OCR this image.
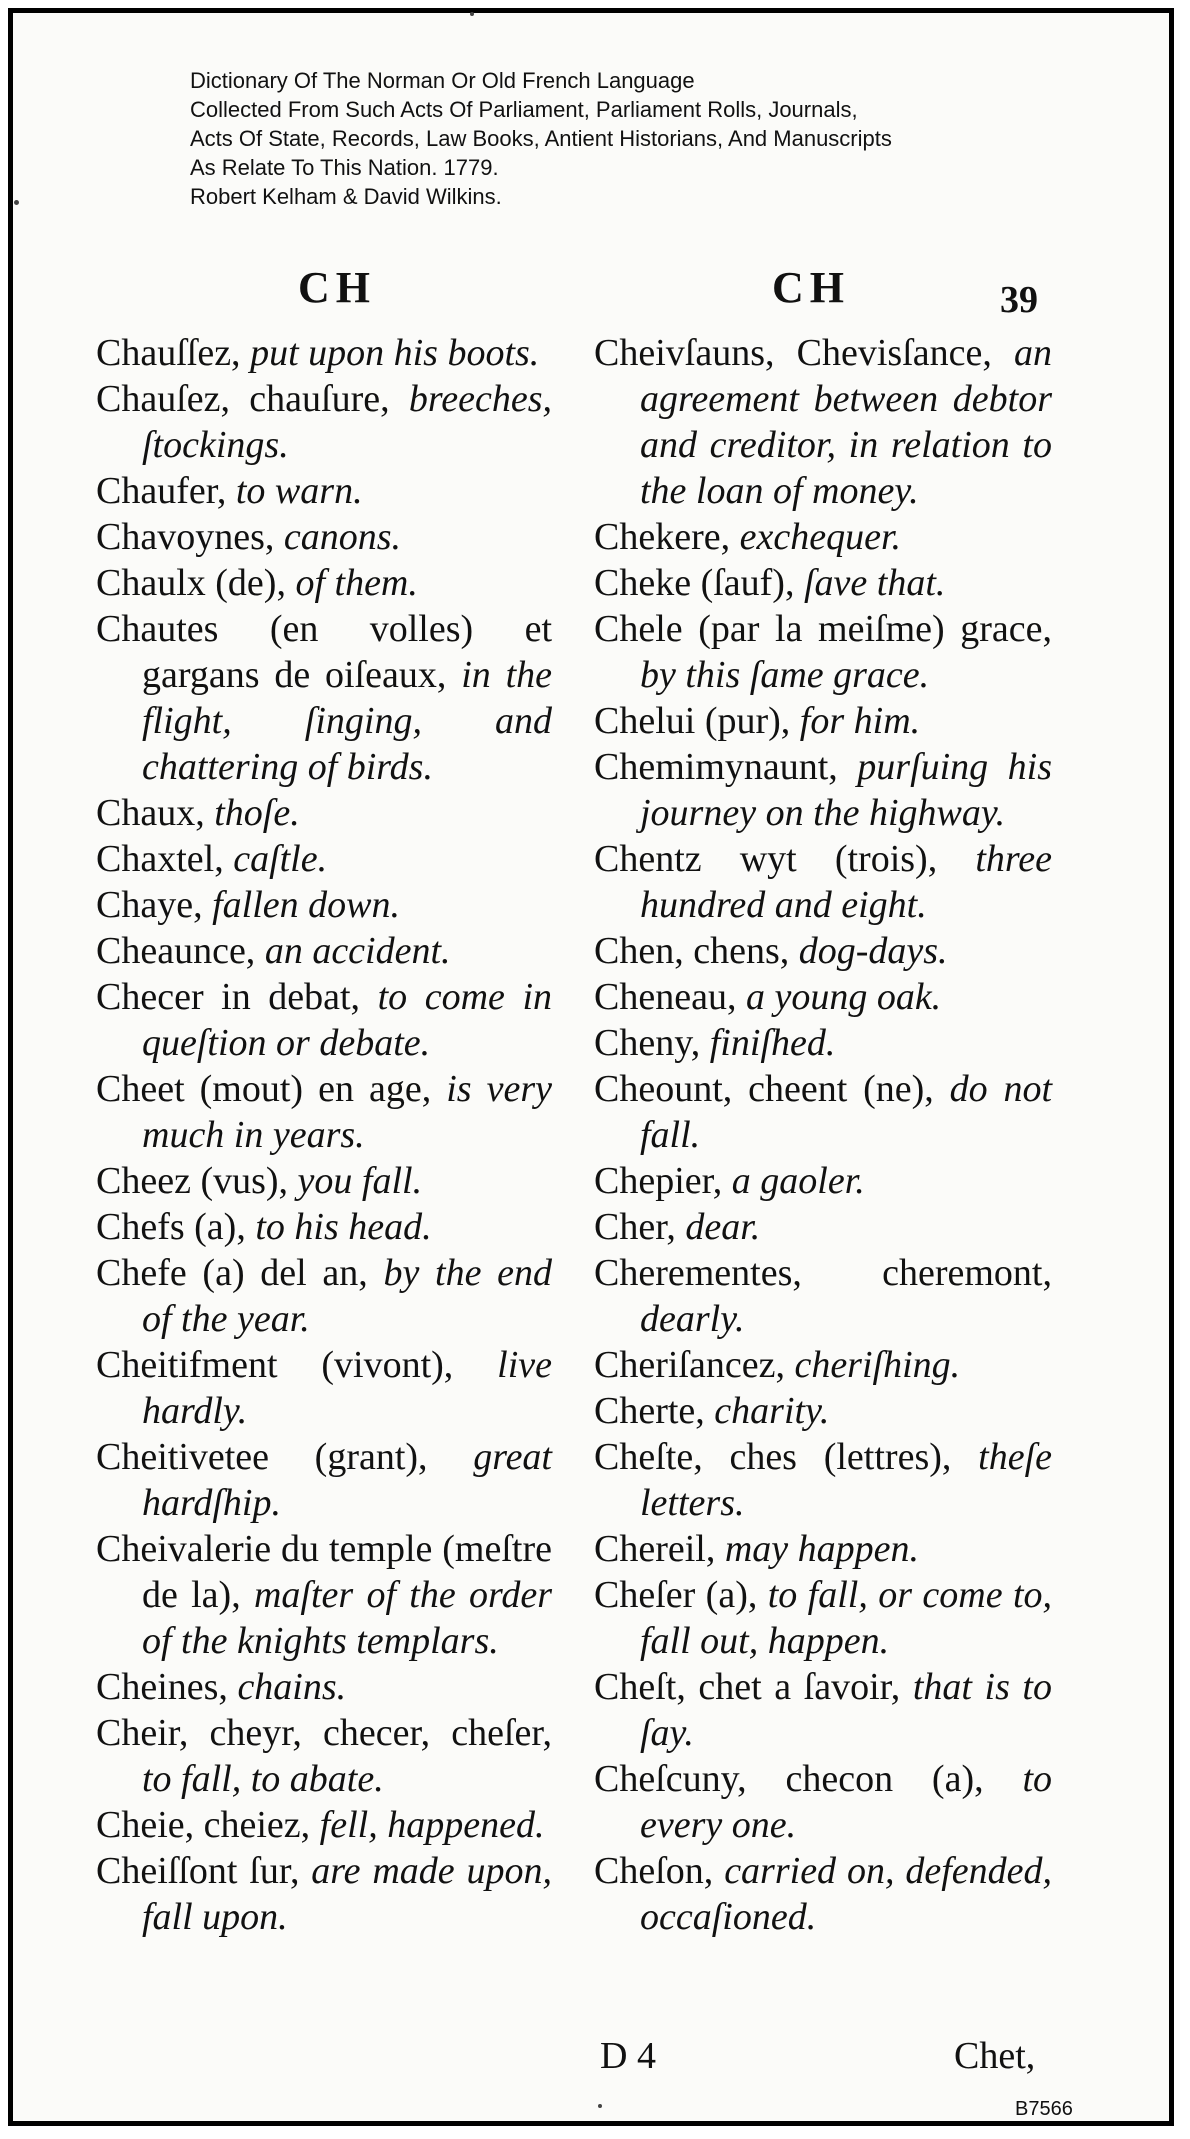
Dictionary Of The Norman Or Old French Language
Collected From Such Acts Of Parliament, Parliament Rolls, Journals,
Acts Of State, Records, Law Books, Antient Historians, And Manuscripts
As Relate To This Nation. 1779.
Robert Kelham & David Wilkins.
CH	CH	39
Chauſſez, put upon his boots.
Chauſez, chauſure, breeches, ſtockings.
Chaufer, to warn.
Chavoynes, canons.
Chaulx (de), of them.
Chautes (en volles) et gargans de oiſeaux, in the flight, ſinging, and chattering of birds.
Chaux, thoſe.
Chaxtel, caſtle.
Chaye, fallen down.
Cheaunce, an accident.
Checer in debat, to come in queſtion or debate.
Cheet (mout) en age, is very much in years.
Cheez (vus), you fall.
Chefs (a), to his head.
Chefe (a) del an, by the end of the year.
Cheitifment (vivont), live hardly.
Cheitivetee (grant), great hardſhip.
Cheivalerie du temple (meſtre de la), maſter of the order of the knights templars.
Cheines, chains.
Cheir, cheyr, checer, cheſer, to fall, to abate.
Cheie, cheiez, fell, happened.
Cheiſſont ſur, are made upon, fall upon.
Cheivſauns, Chevisſance, an agreement between debtor and creditor, in relation to the loan of money.
Chekere, exchequer.
Cheke (ſauf), ſave that.
Chele (par la meiſme) grace, by this ſame grace.
Chelui (pur), for him.
Chemimynaunt, purſuing his journey on the highway.
Chentz wyt (trois), three hundred and eight.
Chen, chens, dog-days.
Cheneau, a young oak.
Cheny, finiſhed.
Cheount, cheent (ne), do not fall.
Chepier, a gaoler.
Cher, dear.
Cherementes, cheremont, dearly.
Cheriſancez, cheriſhing.
Cherte, charity.
Cheſte, ches (lettres), theſe letters.
Chereil, may happen.
Cheſer (a), to fall, or come to, fall out, happen.
Cheſt, chet a ſavoir, that is to ſay.
Cheſcuny, checon (a), to every one.
Cheſon, carried on, defended, occaſioned.
D 4	Chet,
B7566
